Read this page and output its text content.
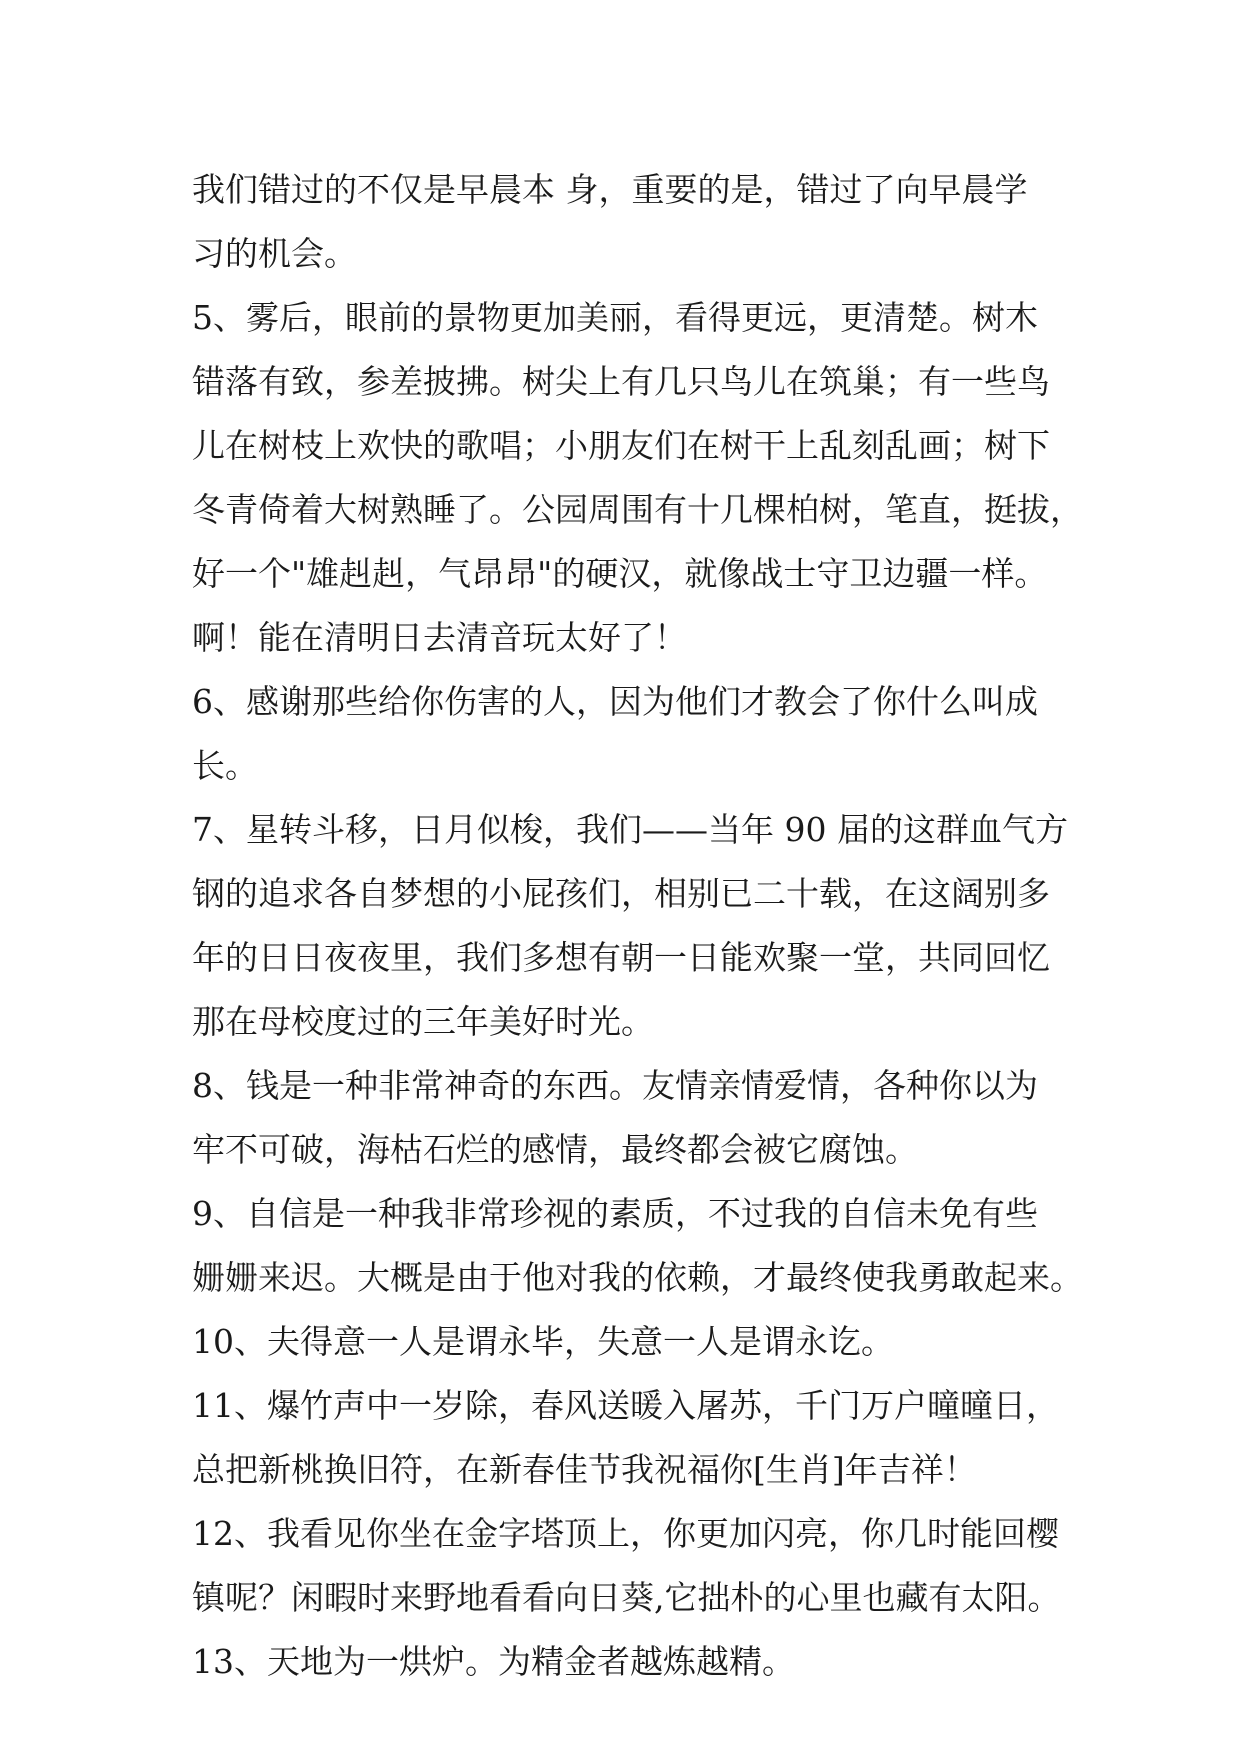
我们错过的不仅是早晨本 身，重要的是，错过了向早晨学
习的机会。
5、雾后，眼前的景物更加美丽，看得更远，更清楚。树木
错落有致，参差披拂。树尖上有几只鸟儿在筑巢；有一些鸟
儿在树枝上欢快的歌唱；小朋友们在树干上乱刻乱画；树下
冬青倚着大树熟睡了。公园周围有十几棵柏树，笔直，挺拔，
好一个"雄赳赳，气昂昂"的硬汉，就像战士守卫边疆一样。
啊！能在清明日去清音玩太好了！
6、感谢那些给你伤害的人，因为他们才教会了你什么叫成
长。
7、星转斗移，日月似梭，我们——当年 90 届的这群血气方
钢的追求各自梦想的小屁孩们，相别已二十载，在这阔别多
年的日日夜夜里，我们多想有朝一日能欢聚一堂，共同回忆
那在母校度过的三年美好时光。
8、钱是一种非常神奇的东西。友情亲情爱情，各种你以为
牢不可破，海枯石烂的感情，最终都会被它腐蚀。
9、自信是一种我非常珍视的素质，不过我的自信未免有些
姗姗来迟。大概是由于他对我的依赖，才最终使我勇敢起来。
10、夫得意一人是谓永毕，失意一人是谓永讫。
11、爆竹声中一岁除，春风送暖入屠苏，千门万户曈曈日，
总把新桃换旧符，在新春佳节我祝福你[生肖]年吉祥！
12、我看见你坐在金字塔顶上，你更加闪亮，你几时能回樱
镇呢？闲暇时来野地看看向日葵,它拙朴的心里也藏有太阳。
13、天地为一烘炉。为精金者越炼越精。
